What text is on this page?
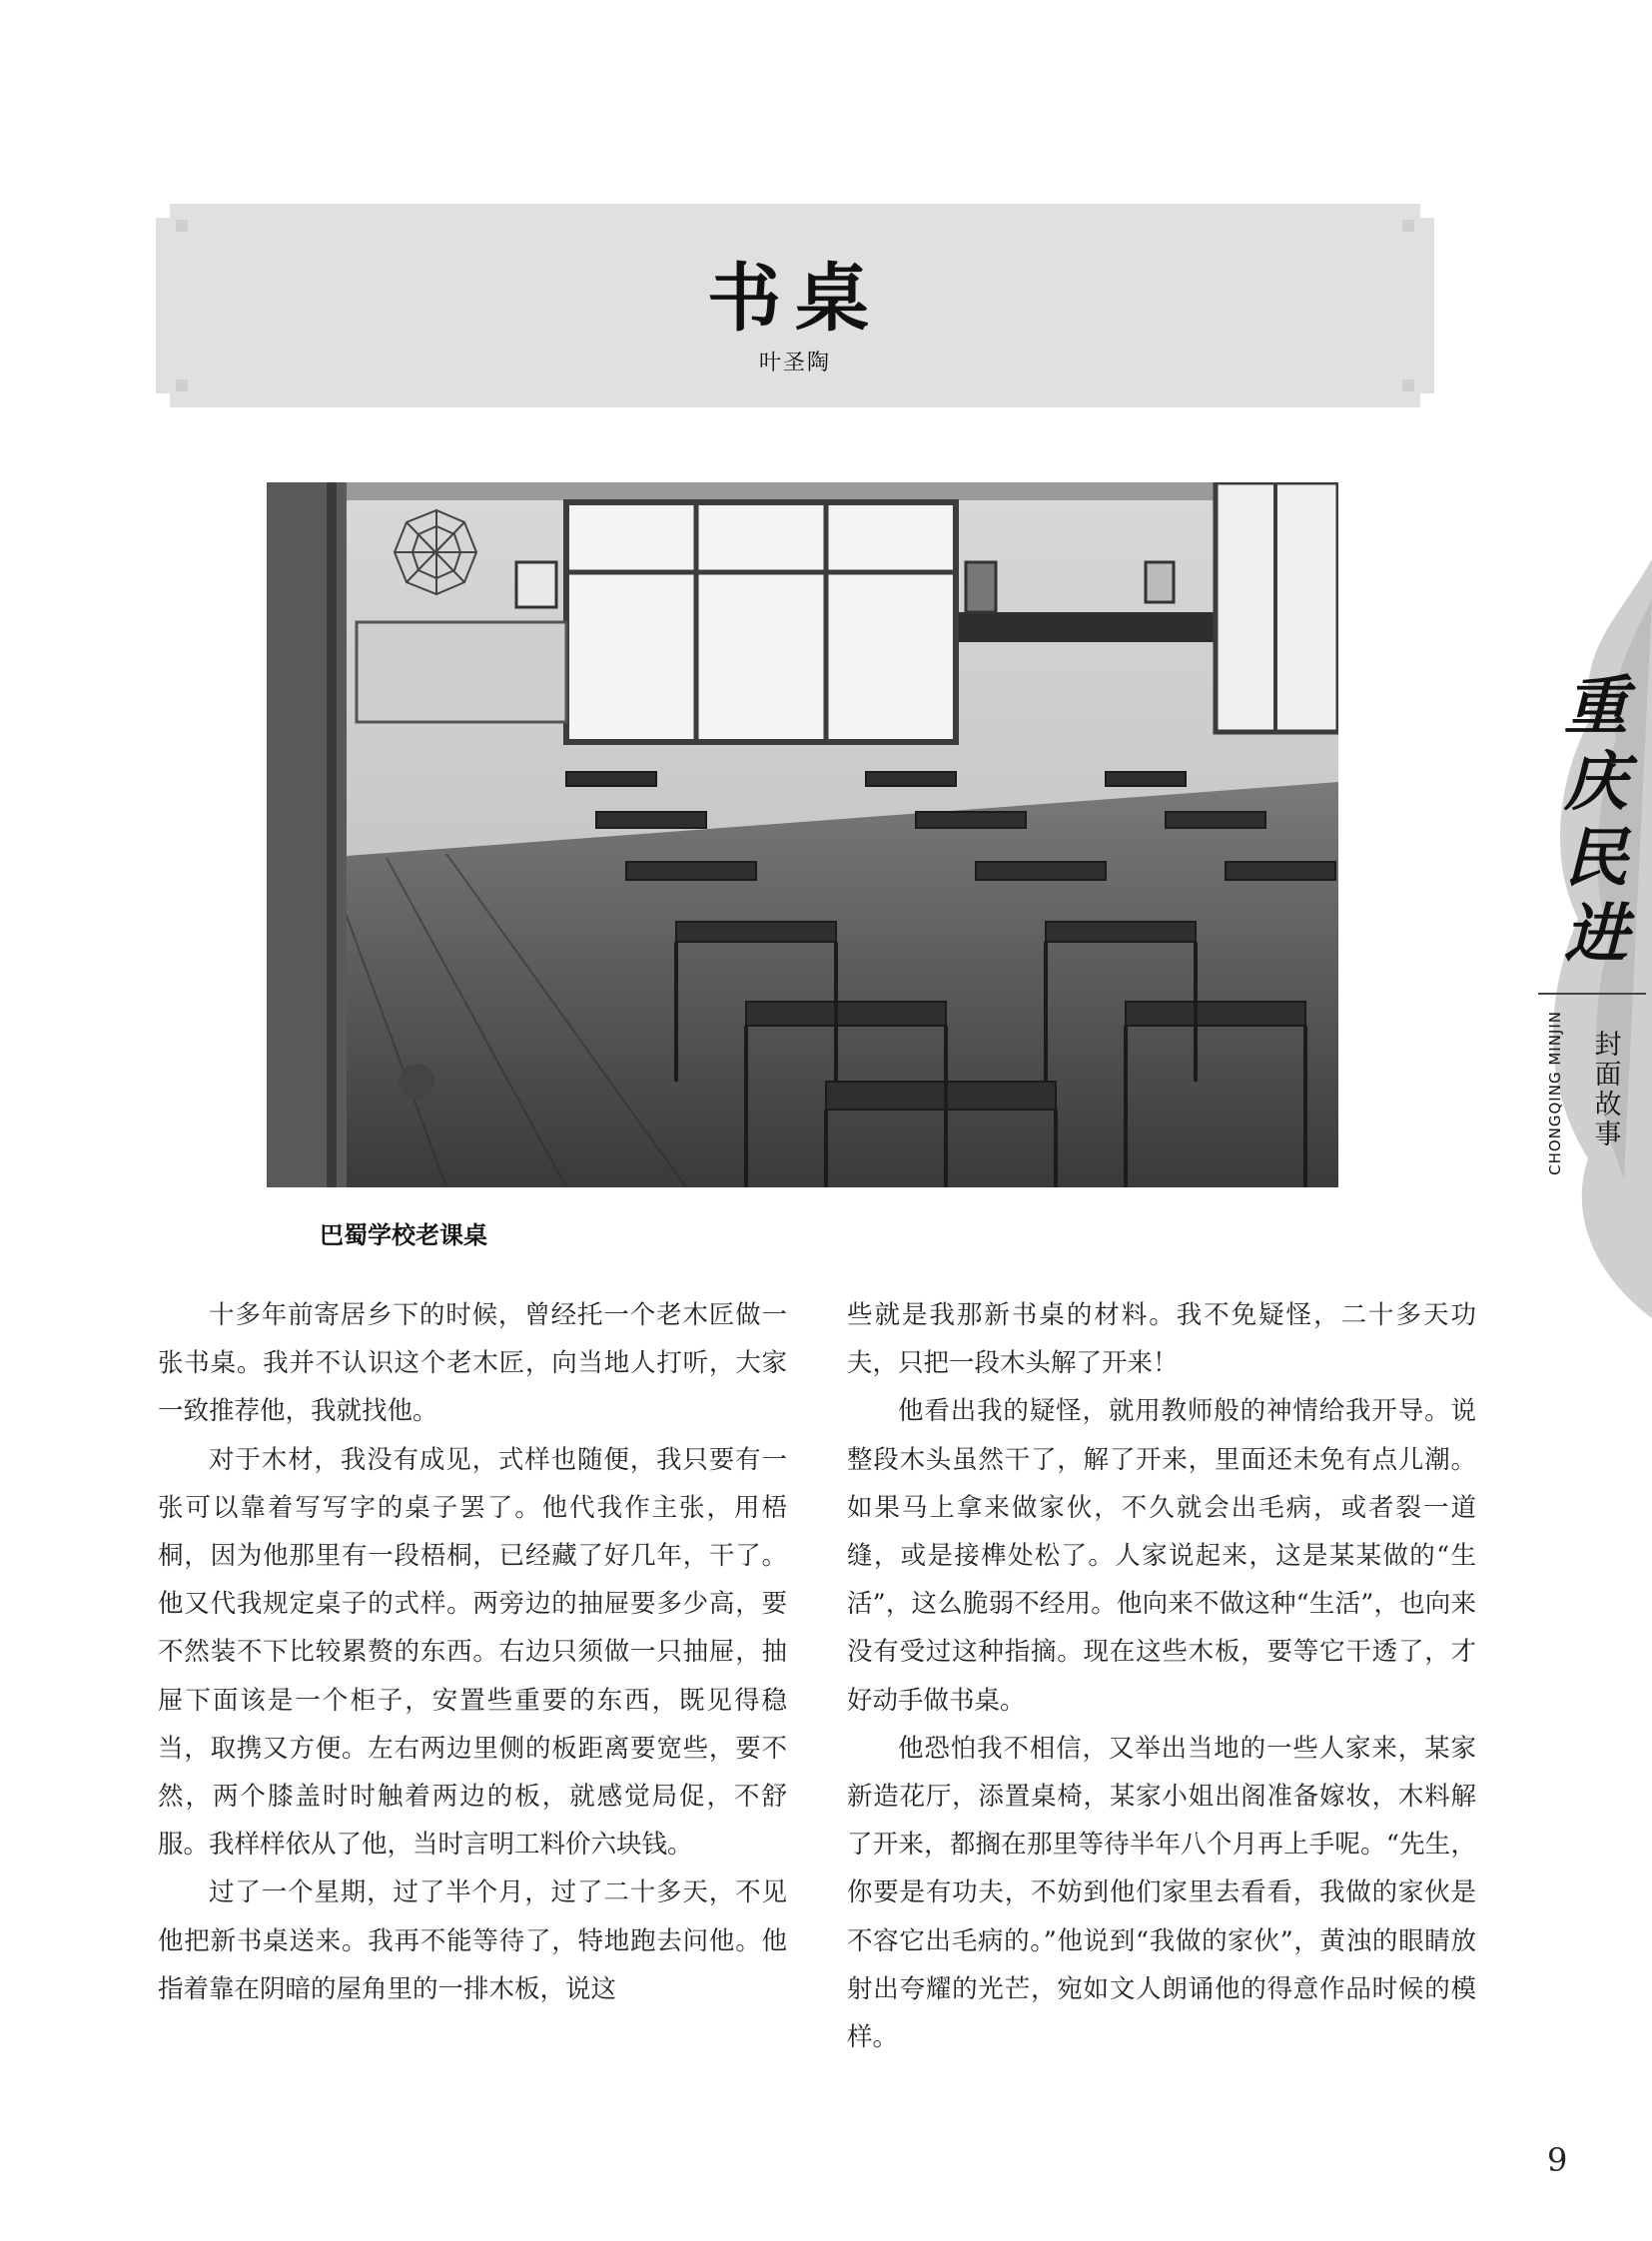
书桌
叶圣陶
巴蜀学校老课桌

十多年前寄居乡下的时候，曾经托一个老木匠做一张书桌。我并不认识这个老木匠，向当地人打听，大家一致推荐他，我就找他。

对于木材，我没有成见，式样也随便，我只要有一张可以靠着写写字的桌子罢了。他代我作主张，用梧桐，因为他那里有一段梧桐，已经藏了好几年，干了。他又代我规定桌子的式样。两旁边的抽屉要多少高，要不然装不下比较累赘的东西。右边只须做一只抽屉，抽屉下面该是一个柜子，安置些重要的东西，既见得稳当，取携又方便。左右两边里侧的板距离要宽些，要不然，两个膝盖时时触着两边的板，就感觉局促，不舒服。我样样依从了他，当时言明工料价六块钱。

过了一个星期，过了半个月，过了二十多天，不见他把新书桌送来。我再不能等待了，特地跑去问他。他指着靠在阴暗的屋角里的一排木板，说这

些就是我那新书桌的材料。我不免疑怪，二十多天功夫，只把一段木头解了开来！

他看出我的疑怪，就用教师般的神情给我开导。说整段木头虽然干了，解了开来，里面还未免有点儿潮。如果马上拿来做家伙，不久就会出毛病，或者裂一道缝，或是接榫处松了。人家说起来，这是某某做的“生活”，这么脆弱不经用。他向来不做这种“生活”，也向来没有受过这种指摘。现在这些木板，要等它干透了，才好动手做书桌。

他恐怕我不相信，又举出当地的一些人家来，某家新造花厅，添置桌椅，某家小姐出阁准备嫁妆，木料解了开来，都搁在那里等待半年八个月再上手呢。“先生，你要是有功夫，不妨到他们家里去看看，我做的家伙是不容它出毛病的。”他说到“我做的家伙”，黄浊的眼睛放射出夸耀的光芒，宛如文人朗诵他的得意作品时候的模样。

重庆民进
CHONGQING MINJIN 封面故事
9
